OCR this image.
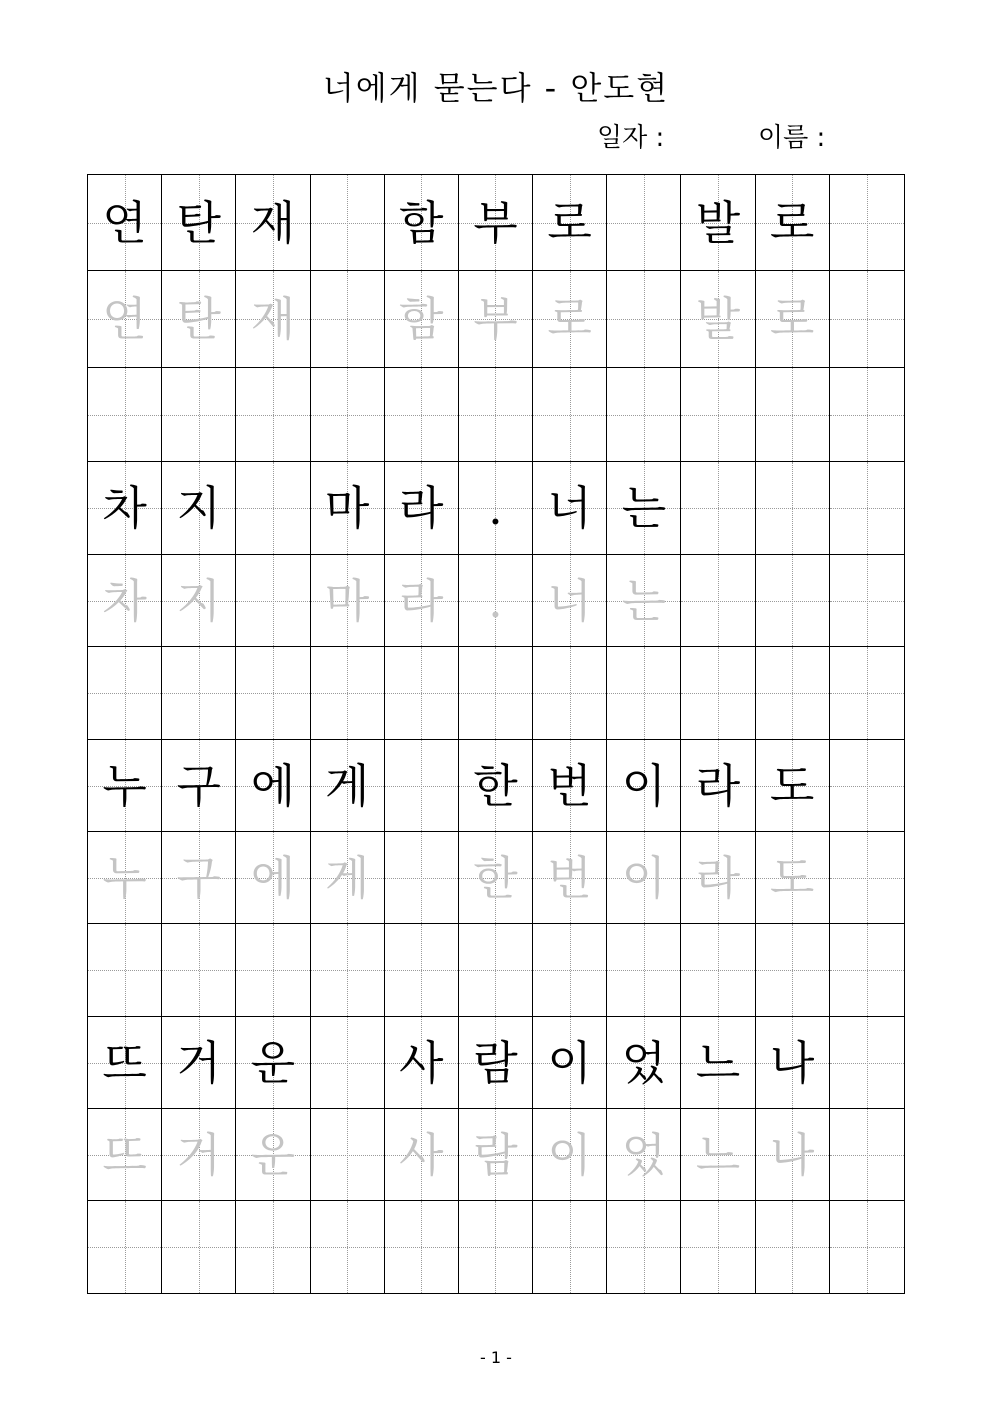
너에게 묻는다 - 안도현
일자 :	이름 :
연 탄 재 함 부 로 발 로
연 탄 재 함 부 로 발 로
차 지 마 라 . 너 는
차 지 마 라 . 너 는
누 구 에 게 한 번 이 라 도
누 구 에 게 한 번 이 라 도
뜨 거 운 사 람 이 었 느 나
뜨 거 운 사 람 이 었 느 나
- 1 -
